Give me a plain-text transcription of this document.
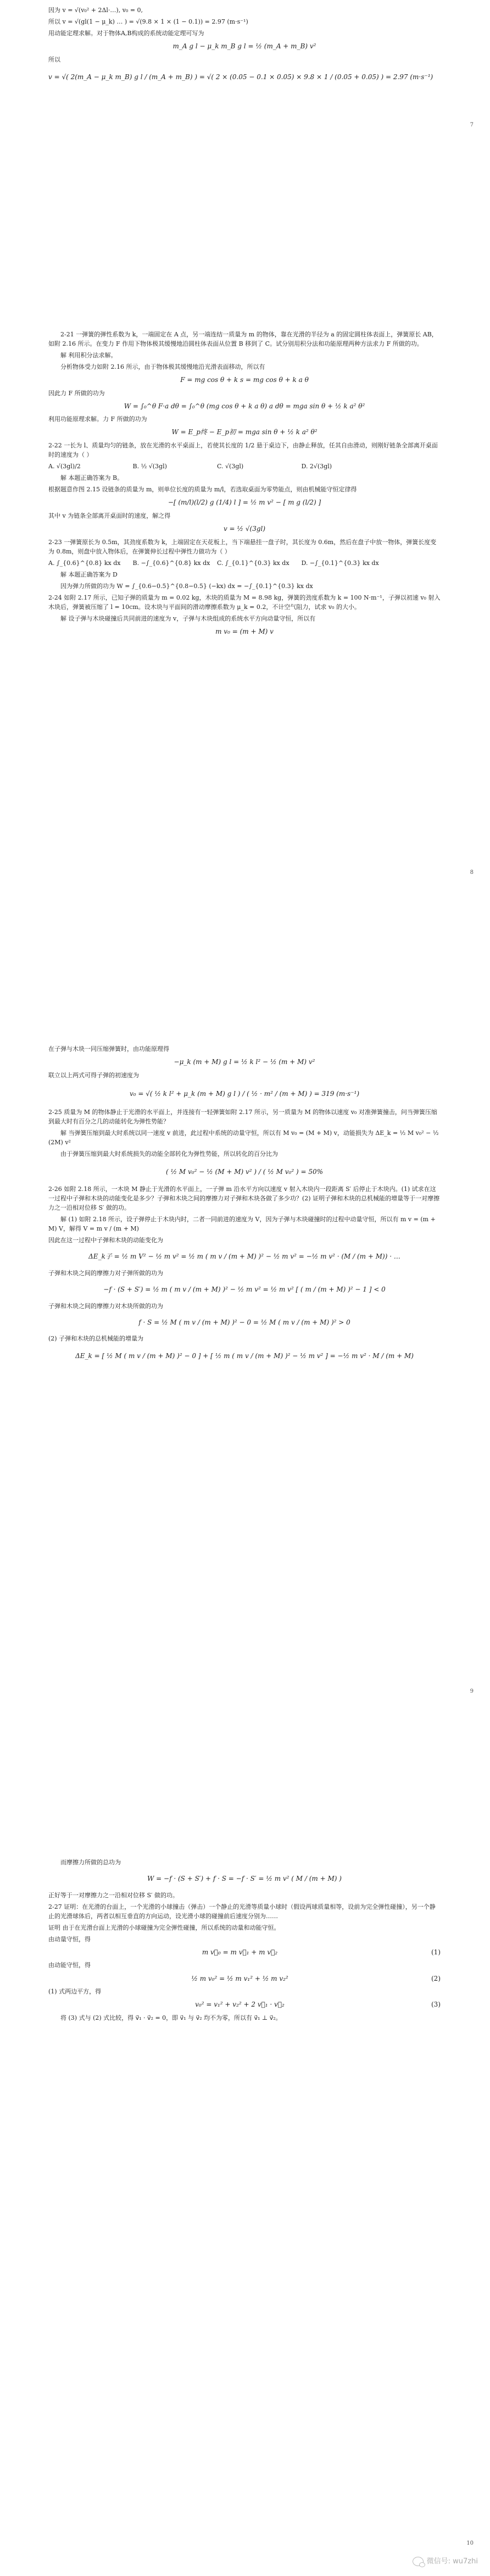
因为 v = √(v₀² + 2Δl·…), v₀ = 0,

所以 v = √(gl(1 − μ_k) … ) = √(9.8 × 1 × (1 − 0.1)) = 2.97 (m·s⁻¹)

用动能定理求解。对于物体A,B构成的系统动能定理可写为

m_A g l − μ_k m_B g l = ½ (m_A + m_B) v²

所以

v = √( 2(m_A − μ_k m_B) g l / (m_A + m_B) ) = √( 2 × (0.05 − 0.1 × 0.05) × 9.8 × 1 / (0.05 + 0.05) ) = 2.97 (m·s⁻¹)
7

2-21 一弹簧的弹性系数为 k，一端固定在 A 点，另一端连结一质量为 m 的物体，靠在光滑的半径为 a 的固定圆柱体表面上，弹簧原长 AB，如附 2.16 所示。在变力 F 作用下物体极其缓慢地沿圆柱体表面从位置 B 移到了 C。试分别用积分法和功能原理两种方法求力 F 所做的功。

解 利用积分法求解。

分析物体受力如附 2.16 所示，由于物体极其缓慢地沿光滑表面移动，所以有

F = mg cos θ + k s = mg cos θ + k a θ

因此力 F 所做的功为

W = ∫₀^θ F·a dθ = ∫₀^θ (mg cos θ + k a θ) a dθ = mga sin θ + ½ k a² θ²

利用功能原理求解。力 F 所做的功为

W = E_p终 − E_p初 = mga sin θ + ½ k a² θ²

2-22 一长为 l、质量均匀的链条，放在光滑的水平桌面上，若使其长度的 1/2 悬于桌边下，由静止释放，任其自由滑动，则刚好链条全部离开桌面时的速度为（ ）

A. √(3gl)/2	B. ½ √(3gl)	C. √(3gl)	D. 2√(3gl)

解 本题正确答案为 B。

根据题意作图 2.15 设链条的质量为 m，则单位长度的质量为 m/l，若选取桌面为零势能点，则由机械能守恒定律得

−[ (m/l)(l/2) g (1/4) l ] = ½ m v² − [ m g (l/2) ]

其中 v 为链条全部离开桌面时的速度，解之得

v = ½ √(3gl)

2-23 一弹簧原长为 0.5m，其劲度系数为 k，上端固定在天花板上，当下端悬挂一盘子时，其长度为 0.6m，然后在盘子中放一物体，弹簧长度变为 0.8m，则盘中放入物体后，在弹簧伸长过程中弹性力做功为（ ）

A. ∫_{0.6}^{0.8} kx dx B. −∫_{0.6}^{0.8} kx dx C. ∫_{0.1}^{0.3} kx dx D. −∫_{0.1}^{0.3} kx dx

解 本题正确答案为 D

因为弹力所做的功为 W = ∫_{0.6−0.5}^{0.8−0.5} (−kx) dx = −∫_{0.1}^{0.3} kx dx

2-24 如附 2.17 所示，已知子弹的质量为 m = 0.02 kg，木块的质量为 M = 8.98 kg，弹簧的劲度系数为 k = 100 N·m⁻¹，子弹以初速 v₀ 射入木块后，弹簧被压缩了 l = 10cm。设木块与平面间的滑动摩擦系数为 μ_k = 0.2，不计空气阻力，试求 v₀ 的大小。

解 设子弹与木块碰撞后共同前进的速度为 v，子弹与木块组成的系统水平方向动量守恒，所以有

m v₀ = (m + M) v
8

在子弹与木块一同压缩弹簧时，由功能原理得

−μ_k (m + M) g l = ½ k l² − ½ (m + M) v²

联立以上两式可得子弹的初速度为

v₀ = √( ½ k l² + μ_k (m + M) g l ) / ( ½ · m² / (m + M) ) = 319 (m·s⁻¹)

2-25 质量为 M 的物体静止于光滑的水平面上，并连接有一轻弹簧如附 2.17 所示，另一质量为 M 的物体以速度 v₀ 对准弹簧撞击，问当弹簧压缩到最大时有百分之几的动能转化为弹性势能？

解 当弹簧压缩到最大时系统以同一速度 v 前进，此过程中系统的动量守恒，所以有 M v₀ = (M + M) v，动能损失为 ΔE_k = ½ M v₀² − ½ (2M) v²

由于弹簧压缩到最大时系统损失的动能全部转化为弹性势能，所以转化的百分比为

( ½ M v₀² − ½ (M + M) v² ) / ( ½ M v₀² ) = 50%

2-26 如附 2.18 所示，一木块 M 静止于光滑的水平面上，一子弹 m 沿水平方向以速度 v 射入木块内一段距离 S′ 后停止于木块内。(1) 试求在这一过程中子弹和木块的动能变化是多少？子弹和木块之间的摩擦力对子弹和木块各做了多少功？(2) 证明子弹和木块的总机械能的增量等于一对摩擦力之一沿相对位移 S′ 做的功。

解 (1) 如附 2.18 所示，设子弹停止于木块内时，二者一同前进的速度为 V，因为子弹与木块碰撞时的过程中动量守恒，所以有 m v = (m + M) V，解得 V = m v / (m + M)

因此在这一过程中子弹和木块的动能变化为

ΔE_k子 = ½ m V² − ½ m v² = ½ m ( m v / (m + M) )² − ½ m v² = −½ m v² · (M / (m + M)) · …

子弹和木块之间的摩擦力对子弹所做的功为

−f · (S + S′) = ½ m ( m v / (m + M) )² − ½ m v² = ½ m v² [ ( m / (m + M) )² − 1 ] < 0

子弹和木块之间的摩擦力对木块所做的功为

f · S = ½ M ( m v / (m + M) )² − 0 = ½ M ( m v / (m + M) )² > 0

(2) 子弹和木块的总机械能的增量为

ΔE_k = [ ½ M ( m v / (m + M) )² − 0 ] + [ ½ m ( m v / (m + M) )² − ½ m v² ] = −½ m v² · M / (m + M)
9

而摩擦力所做的总功为

W = −f · (S + S′) + f · S = −f · S′ = ½ m v² ( M / (m + M) )

正好等于一对摩擦力之一沿相对位移 S′ 做的功。

2-27 证明：在光滑的台面上，一个光滑的小球撞击（弹击）一个静止的光滑等质量小球时（假设两球质量相等，设前为完全弹性碰撞），另一个静止的光滑球体后，两者以相互垂直的方向运动，设光滑小球的碰撞前后速度分别为……

证明 由于在光滑台面上光滑的小球碰撞为完全弹性碰撞，所以系统的动量和动能守恒。

由动量守恒，得

m v⃗₀ = m v⃗₁ + m v⃗₂	(1)

由动能守恒，得

½ m v₀² = ½ m v₁² + ½ m v₂²	(2)

(1) 式两边平方，得

v₀² = v₁² + v₂² + 2 v⃗₁ · v⃗₂	(3)

将 (3) 式与 (2) 式比较，得 v⃗₁ · v⃗₂ = 0，即 v⃗₁ 与 v⃗₂ 均不为零，所以有 v⃗₁ ⊥ v⃗₂。

10
微信号: wu7zhi
